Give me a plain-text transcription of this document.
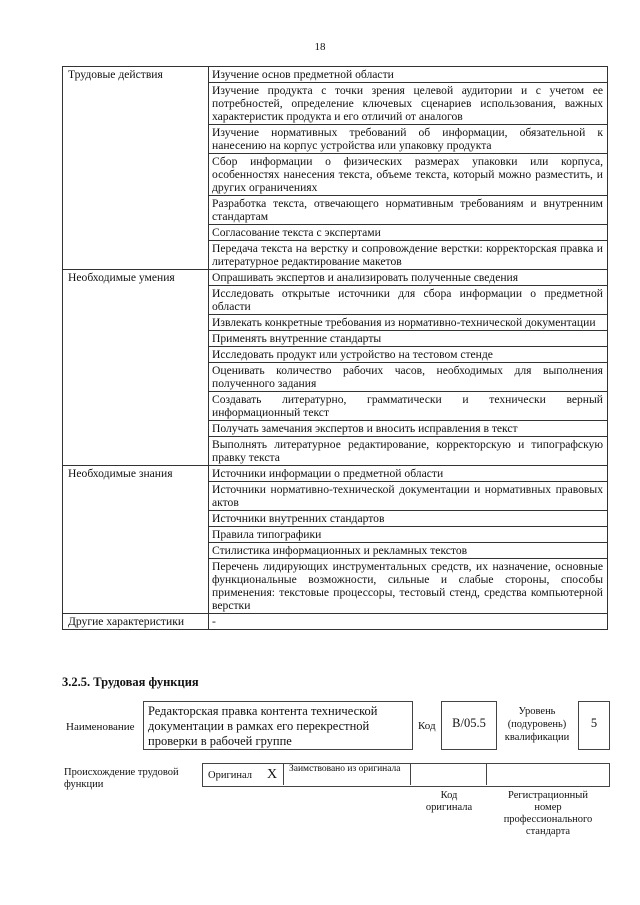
18
Трудовые действия	Изучение основ предметной области
	Изучение продукта с точки зрения целевой аудитории и с учетом ее потребностей, определение ключевых сценариев использования, важных характеристик продукта и его отличий от аналогов
	Изучение нормативных требований об информации, обязательной к нанесению на корпус устройства или упаковку продукта
	Сбор информации о физических размерах упаковки или корпуса, особенностях нанесения текста, объеме текста, который можно разместить, и других ограничениях
	Разработка текста, отвечающего нормативным требованиям и внутренним стандартам
	Согласование текста с экспертами
	Передача текста на верстку и сопровождение верстки: корректорская правка и литературное редактирование макетов
Необходимые умения	Опрашивать экспертов и анализировать полученные сведения
	Исследовать открытые источники для сбора информации о предметной области
	Извлекать конкретные требования из нормативно-технической документации
	Применять внутренние стандарты
	Исследовать продукт или устройство на тестовом стенде
	Оценивать количество рабочих часов, необходимых для выполнения полученного задания
	Создавать литературно, грамматически и технически верный информационный текст
	Получать замечания экспертов и вносить исправления в текст
	Выполнять литературное редактирование, корректорскую и типографскую правку текста
Необходимые знания	Источники информации о предметной области
	Источники нормативно-технической документации и нормативных правовых актов
	Источники внутренних стандартов
	Правила типографики
	Стилистика информационных и рекламных текстов
	Перечень лидирующих инструментальных средств, их назначение, основные функциональные возможности, сильные и слабые стороны, способы применения: текстовые процессоры, тестовый стенд, средства компьютерной верстки
Другие характеристики	-
3.2.5. Трудовая функция
Наименование
Редакторская правка контента технической документации в рамках его перекрестной проверки в рабочей группе
Код	B/05.5
Уровень (подуровень) квалификации
5
Происхождение трудовой функции
Оригинал X Заимствовано из оригинала
Код оригинала
Регистрационный номер профессионального стандарта
